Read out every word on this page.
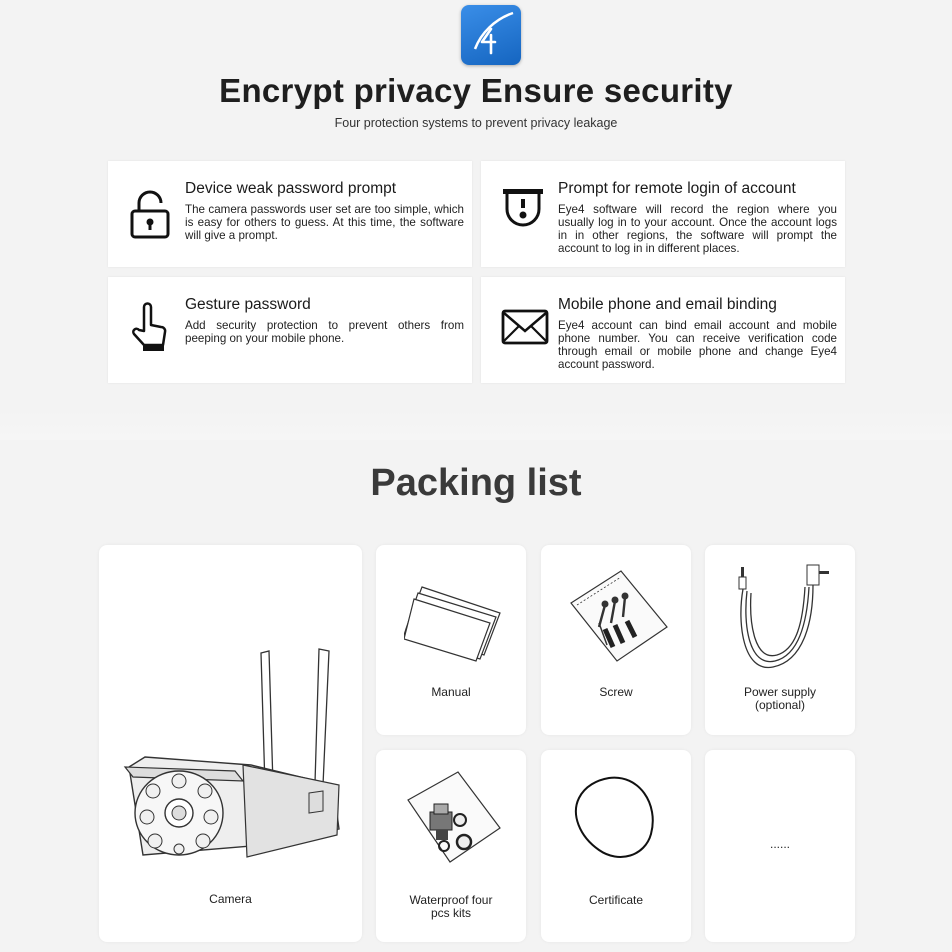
Encrypt privacy Ensure security
Four protection systems to prevent privacy leakage
Device weak password prompt
The camera passwords user set are too simple, which is easy for others to guess. At this time, the software will give a prompt.
Prompt for remote login of account
Eye4 software will record the region where you usually log in to your account. Once the account logs in in other regions, the software will prompt the account to log in in different places.
Gesture password
Add security protection to prevent others from peeping on your mobile phone.
Mobile phone and email binding
Eye4 account can bind email account and mobile phone number. You can receive verification code through email or mobile phone and change Eye4 account password.
Packing list
Camera
Manual	Screw	Power supply (optional)
Waterproof four pcs kits
Certificate
......
